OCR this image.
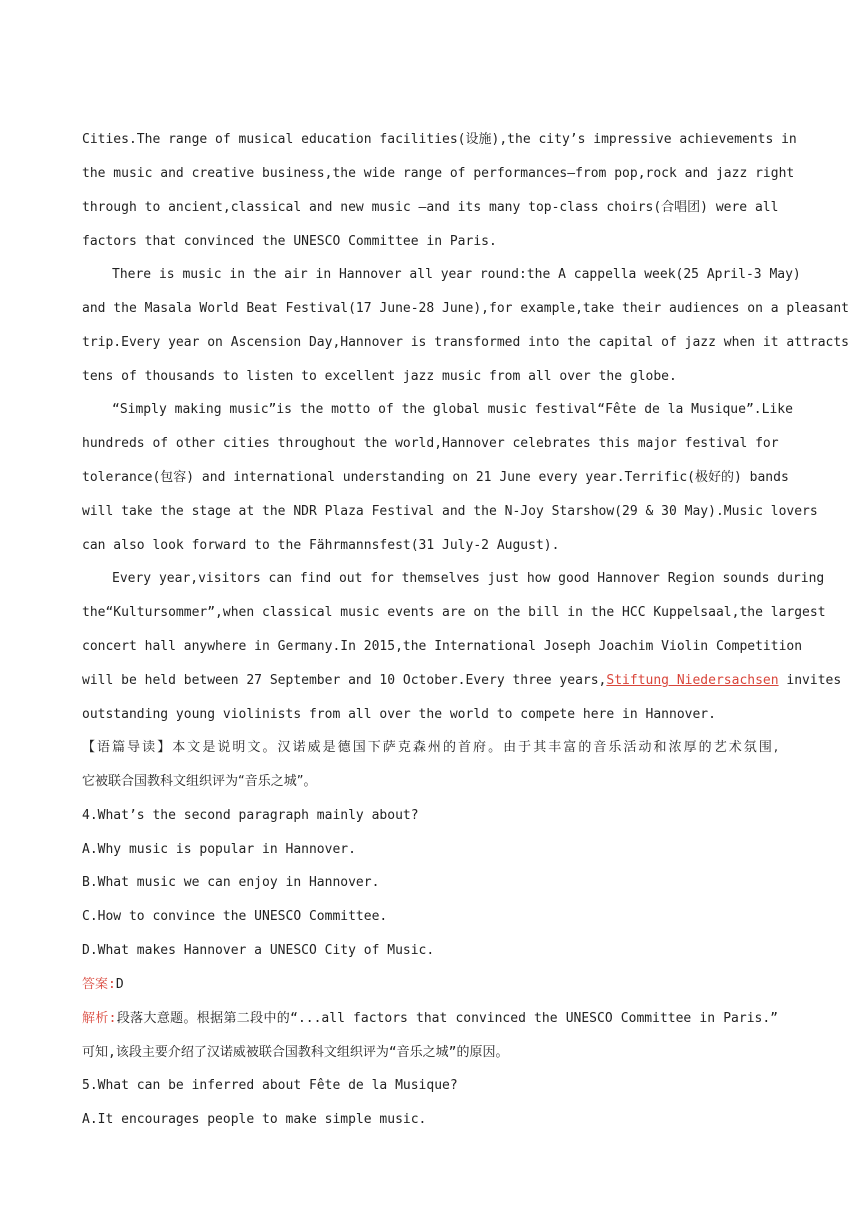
Cities.The range of musical education facilities(设施),the city’s impressive achievements in
the music and creative business,the wide range of performances—from pop,rock and jazz right
through to ancient,classical and new music —and its many top-class choirs(合唱团) were all
factors that convinced the UNESCO Committee in Paris.
There is music in the air in Hannover all year round:the A cappella week(25 April-3 May)
and the Masala World Beat Festival(17 June-28 June),for example,take their audiences on a pleasant
trip.Every year on Ascension Day,Hannover is transformed into the capital of jazz when it attracts
tens of thousands to listen to excellent jazz music from all over the globe.
“Simply making music”is the motto of the global music festival“Fête de la Musique”.Like
hundreds of other cities throughout the world,Hannover celebrates this major festival for
tolerance(包容) and international understanding on 21 June every year.Terrific(极好的) bands
will take the stage at the NDR Plaza Festival and the N-Joy Starshow(29 & 30 May).Music lovers
can also look forward to the Fährmannsfest(31 July-2 August).
Every year,visitors can find out for themselves just how good Hannover Region sounds during
the“Kultursommer”,when classical music events are on the bill in the HCC Kuppelsaal,the largest
concert hall anywhere in Germany.In 2015,the International Joseph Joachim Violin Competition
will be held between 27 September and 10 October.Every three years,Stiftung Niedersachsen invites
outstanding young violinists from all over the world to compete here in Hannover.
【语篇导读】本文是说明文。汉诺威是德国下萨克森州的首府。由于其丰富的音乐活动和浓厚的艺术氛围,
它被联合国教科文组织评为“音乐之城”。
4.What’s the second paragraph mainly about?
A.Why music is popular in Hannover.
B.What music we can enjoy in Hannover.
C.How to convince the UNESCO Committee.
D.What makes Hannover a UNESCO City of Music.
答案:D
解析:段落大意题。根据第二段中的“...all factors that convinced the UNESCO Committee in Paris.”
可知,该段主要介绍了汉诺威被联合国教科文组织评为“音乐之城”的原因。
5.What can be inferred about Fête de la Musique?
A.It encourages people to make simple music.
